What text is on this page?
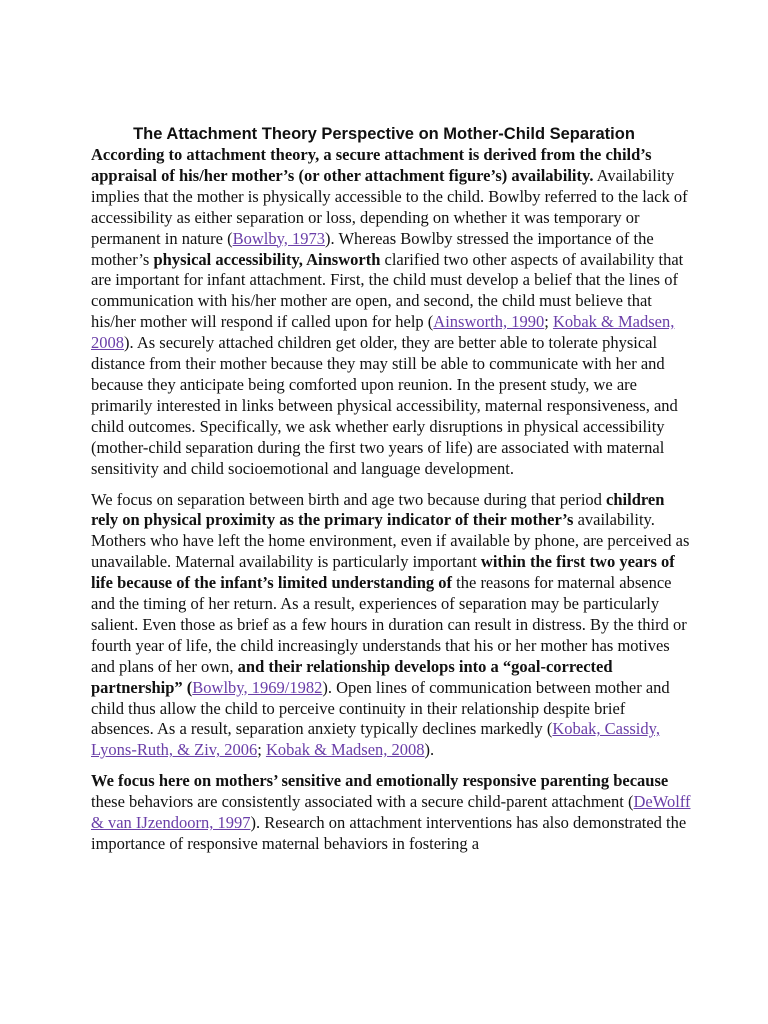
The Attachment Theory Perspective on Mother-Child Separation

According to attachment theory, a secure attachment is derived from the child’s appraisal of his/her mother’s (or other attachment figure’s) availability. Availability implies that the mother is physically accessible to the child. Bowlby referred to the lack of accessibility as either separation or loss, depending on whether it was temporary or permanent in nature (Bowlby, 1973). Whereas Bowlby stressed the importance of the mother’s physical accessibility, Ainsworth clarified two other aspects of availability that are important for infant attachment. First, the child must develop a belief that the lines of communication with his/her mother are open, and second, the child must believe that his/her mother will respond if called upon for help (Ainsworth, 1990; Kobak & Madsen, 2008). As securely attached children get older, they are better able to tolerate physical distance from their mother because they may still be able to communicate with her and because they anticipate being comforted upon reunion. In the present study, we are primarily interested in links between physical accessibility, maternal responsiveness, and child outcomes. Specifically, we ask whether early disruptions in physical accessibility (mother-child separation during the first two years of life) are associated with maternal sensitivity and child socioemotional and language development.

We focus on separation between birth and age two because during that period children rely on physical proximity as the primary indicator of their mother’s availability. Mothers who have left the home environment, even if available by phone, are perceived as unavailable. Maternal availability is particularly important within the first two years of life because of the infant’s limited understanding of the reasons for maternal absence and the timing of her return. As a result, experiences of separation may be particularly salient. Even those as brief as a few hours in duration can result in distress. By the third or fourth year of life, the child increasingly understands that his or her mother has motives and plans of her own, and their relationship develops into a “goal-corrected partnership” (Bowlby, 1969/1982). Open lines of communication between mother and child thus allow the child to perceive continuity in their relationship despite brief absences. As a result, separation anxiety typically declines markedly (Kobak, Cassidy, Lyons-Ruth, & Ziv, 2006; Kobak & Madsen, 2008).

We focus here on mothers’ sensitive and emotionally responsive parenting because these behaviors are consistently associated with a secure child-parent attachment (DeWolff & van IJzendoorn, 1997). Research on attachment interventions has also demonstrated the importance of responsive maternal behaviors in fostering a
